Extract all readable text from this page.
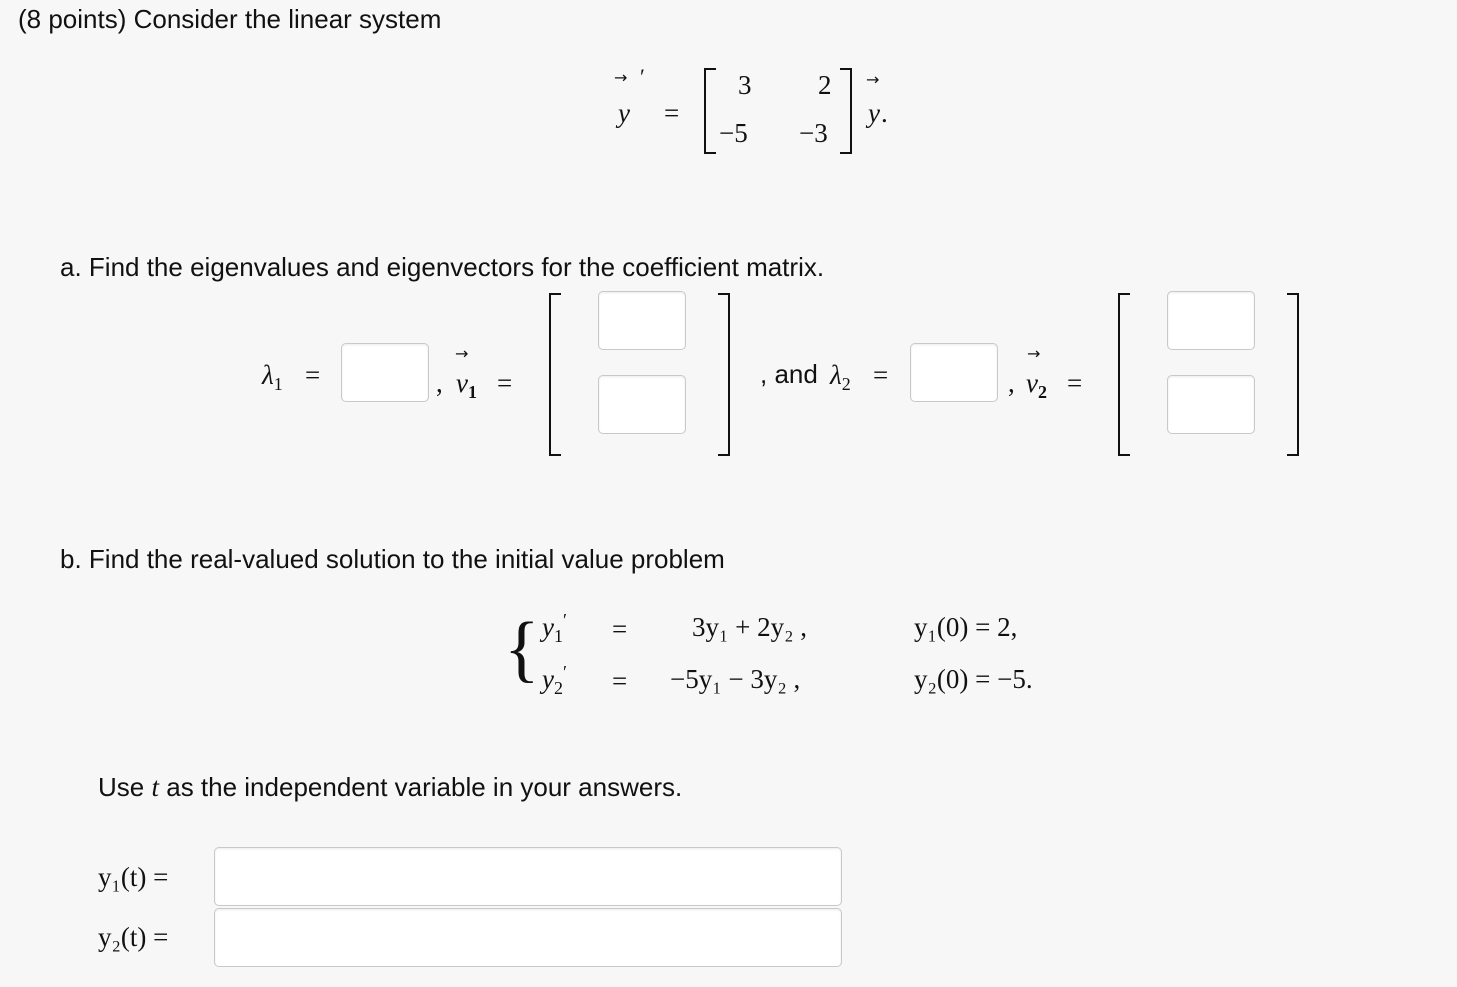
(8 points) Consider the linear system
→ ′
y =
3 2
−5 −3
→
y .
a. Find the eigenvalues and eigenvectors for the coefficient matrix.
$\lambda_1$ =	,
→
$v_1$ =	, and $\lambda_2$ =	,
→
$v_2$ =
b. Find the real-valued solution to the initial value problem
{ $y_1' = 3y_1 + 2y_2$ ,	y₁(0) = 2,
$y_2' = -5y_1 - 3y_2$ ,	y₂(0) = −5.
Use t as the independent variable in your answers.
y₁(t) =
y₂(t) =
